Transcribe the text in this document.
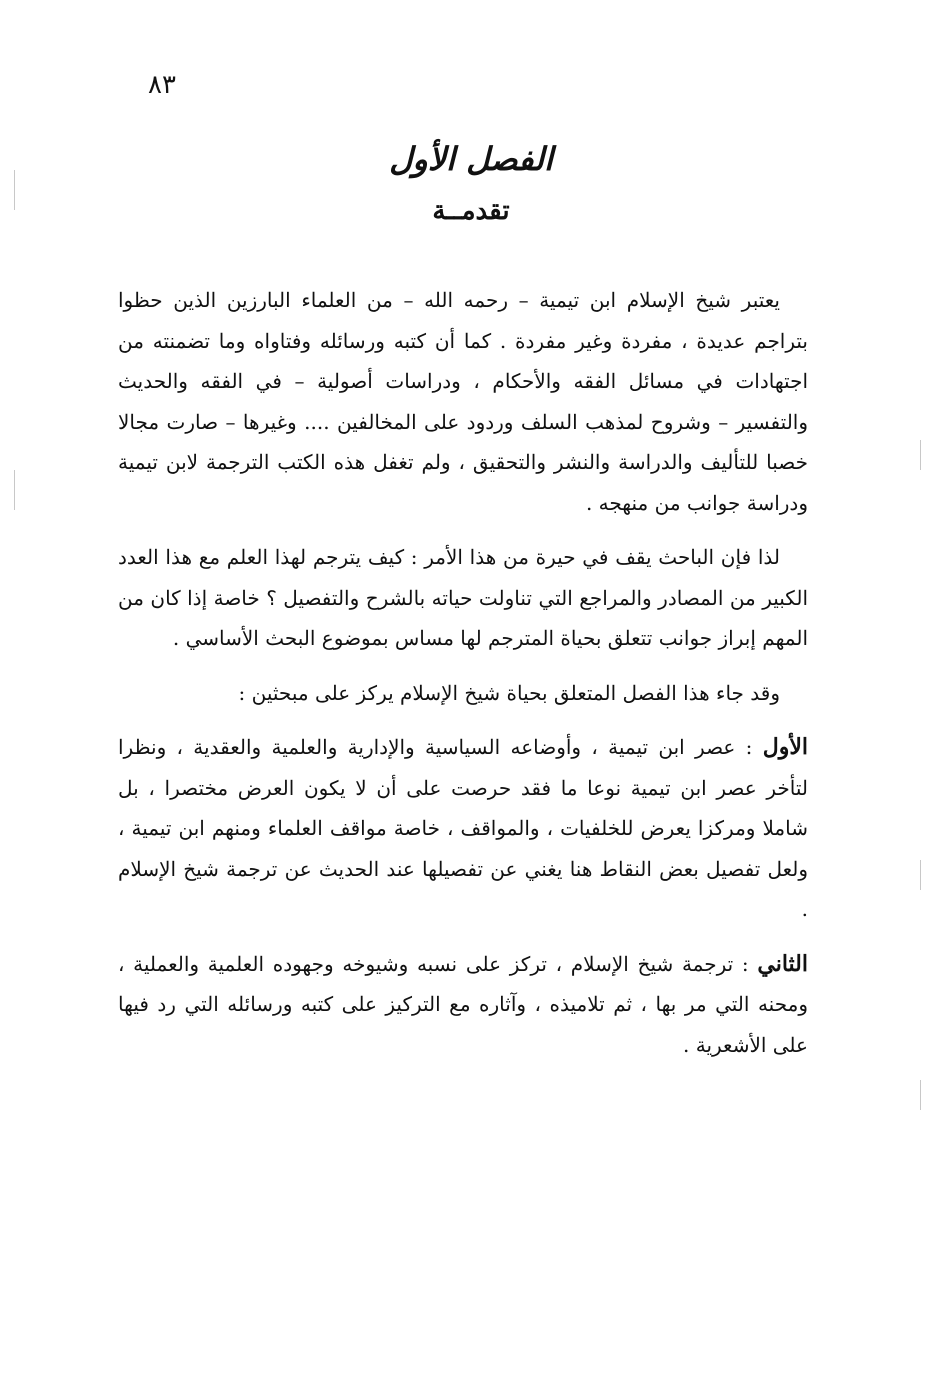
٨٣
الفصل الأول
تقدمــة

يعتبر شيخ الإسلام ابن تيمية – رحمه الله – من العلماء البارزين الذين حظوا بتراجم عديدة ، مفردة وغير مفردة . كما أن كتبه ورسائله وفتاواه وما تضمنته من اجتهادات في مسائل الفقه والأحكام ، ودراسات أصولية – في الفقه والحديث والتفسير – وشروح لمذهب السلف وردود على المخالفين .... وغيرها – صارت مجالا خصبا للتأليف والدراسة والنشر والتحقيق ، ولم تغفل هذه الكتب الترجمة لابن تيمية ودراسة جوانب من منهجه .

لذا فإن الباحث يقف في حيرة من هذا الأمر : كيف يترجم لهذا العلم مع هذا العدد الكبير من المصادر والمراجع التي تناولت حياته بالشرح والتفصيل ؟ خاصة إذا كان من المهم إبراز جوانب تتعلق بحياة المترجم لها مساس بموضوع البحث الأساسي .

وقد جاء هذا الفصل المتعلق بحياة شيخ الإسلام يركز على مبحثين :

الأول : عصر ابن تيمية ، وأوضاعه السياسية والإدارية والعلمية والعقدية ، ونظرا لتأخر عصر ابن تيمية نوعا ما فقد حرصت على أن لا يكون العرض مختصرا ، بل شاملا ومركزا يعرض للخلفيات ، والمواقف ، خاصة مواقف العلماء ومنهم ابن تيمية ، ولعل تفصيل بعض النقاط هنا يغني عن تفصيلها عند الحديث عن ترجمة شيخ الإسلام .

الثاني : ترجمة شيخ الإسلام ، تركز على نسبه وشيوخه وجهوده العلمية والعملية ، ومحنه التي مر بها ، ثم تلاميذه ، وآثاره مع التركيز على كتبه ورسائله التي رد فيها على الأشعرية .
